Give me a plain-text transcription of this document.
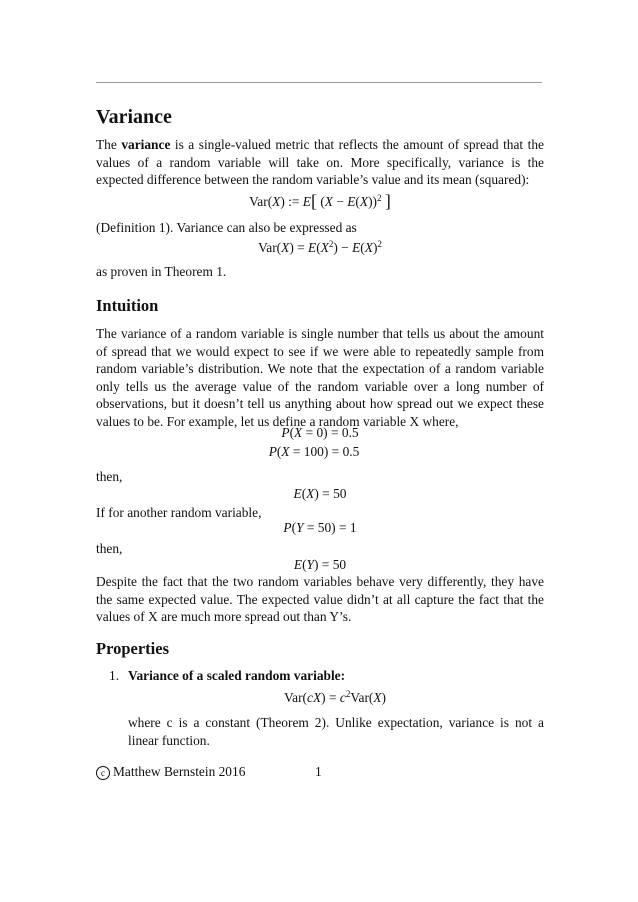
Variance

The variance is a single-valued metric that reflects the amount of spread that the values of a random variable will take on. More specifically, variance is the expected difference between the random variable’s value and its mean (squared):

Var(X) := E[ $(X - E(X))^2$ ]

(Definition 1). Variance can also be expressed as

$Var(X) = E(X^2) - E(X)^2$

as proven in Theorem 1.

Intuition

The variance of a random variable is single number that tells us about the amount of spread that we would expect to see if we were able to repeatedly sample from random variable’s distribution. We note that the expectation of a random variable only tells us the average value of the random variable over a long number of observations, but it doesn’t tell us anything about how spread out we expect these values to be. For example, let us define a random variable X where,

P(X = 0) = 0.5
P(X = 100) = 0.5

then,

E(X) = 50

If for another random variable,

P(Y = 50) = 1

then,

E(Y) = 50

Despite the fact that the two random variables behave very differently, they have the same expected value. The expected value didn’t at all capture the fact that the values of X are much more spread out than Y’s.

Properties
1. Variance of a scaled random variable:
$Var(cX) = c^2Var(X)$

where c is a constant (Theorem 2). Unlike expectation, variance is not a linear function.

c Matthew Bernstein 2016	1
